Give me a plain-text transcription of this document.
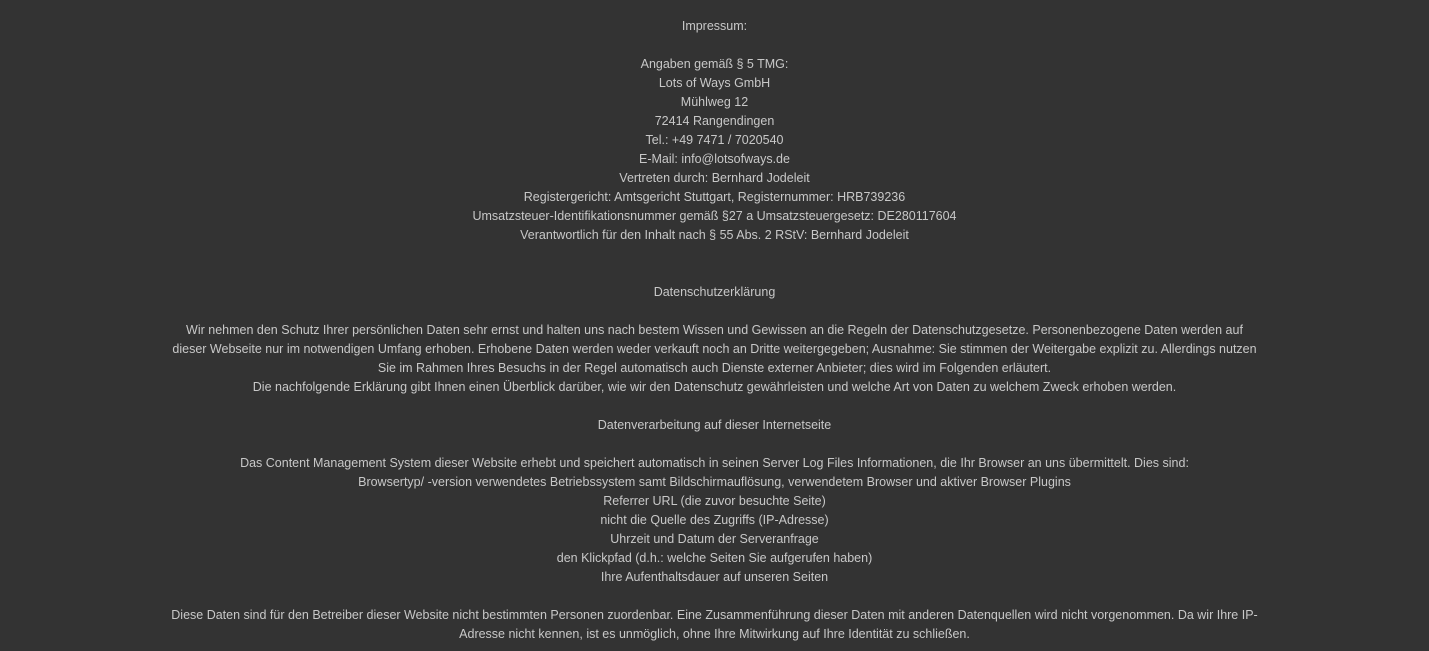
Impressum:
Angaben gemäß § 5 TMG:
Lots of Ways GmbH
Mühlweg 12
72414 Rangendingen
Tel.: +49 7471 / 7020540
E-Mail: info@lotsofways.de
Vertreten durch: Bernhard Jodeleit
Registergericht: Amtsgericht Stuttgart, Registernummer: HRB739236
Umsatzsteuer-Identifikationsnummer gemäß §27 a Umsatzsteuergesetz: DE280117604
Verantwortlich für den Inhalt nach § 55 Abs. 2 RStV: Bernhard Jodeleit
Datenschutzerklärung
Wir nehmen den Schutz Ihrer persönlichen Daten sehr ernst und halten uns nach bestem Wissen und Gewissen an die Regeln der Datenschutzgesetze. Personenbezogene Daten werden auf dieser Webseite nur im notwendigen Umfang erhoben. Erhobene Daten werden weder verkauft noch an Dritte weitergegeben; Ausnahme: Sie stimmen der Weitergabe explizit zu. Allerdings nutzen Sie im Rahmen Ihres Besuchs in der Regel automatisch auch Dienste externer Anbieter; dies wird im Folgenden erläutert.
Die nachfolgende Erklärung gibt Ihnen einen Überblick darüber, wie wir den Datenschutz gewährleisten und welche Art von Daten zu welchem Zweck erhoben werden.
Datenverarbeitung auf dieser Internetseite
Das Content Management System dieser Website erhebt und speichert automatisch in seinen Server Log Files Informationen, die Ihr Browser an uns übermittelt. Dies sind:
Browsertyp/ -version verwendetes Betriebssystem samt Bildschirmauflösung, verwendetem Browser und aktiver Browser Plugins
Referrer URL (die zuvor besuchte Seite)
nicht die Quelle des Zugriffs (IP-Adresse)
Uhrzeit und Datum der Serveranfrage
den Klickpfad (d.h.: welche Seiten Sie aufgerufen haben)
Ihre Aufenthaltsdauer auf unseren Seiten
Diese Daten sind für den Betreiber dieser Website nicht bestimmten Personen zuordenbar. Eine Zusammenführung dieser Daten mit anderen Datenquellen wird nicht vorgenommen. Da wir Ihre IP-Adresse nicht kennen, ist es unmöglich, ohne Ihre Mitwirkung auf Ihre Identität zu schließen.
